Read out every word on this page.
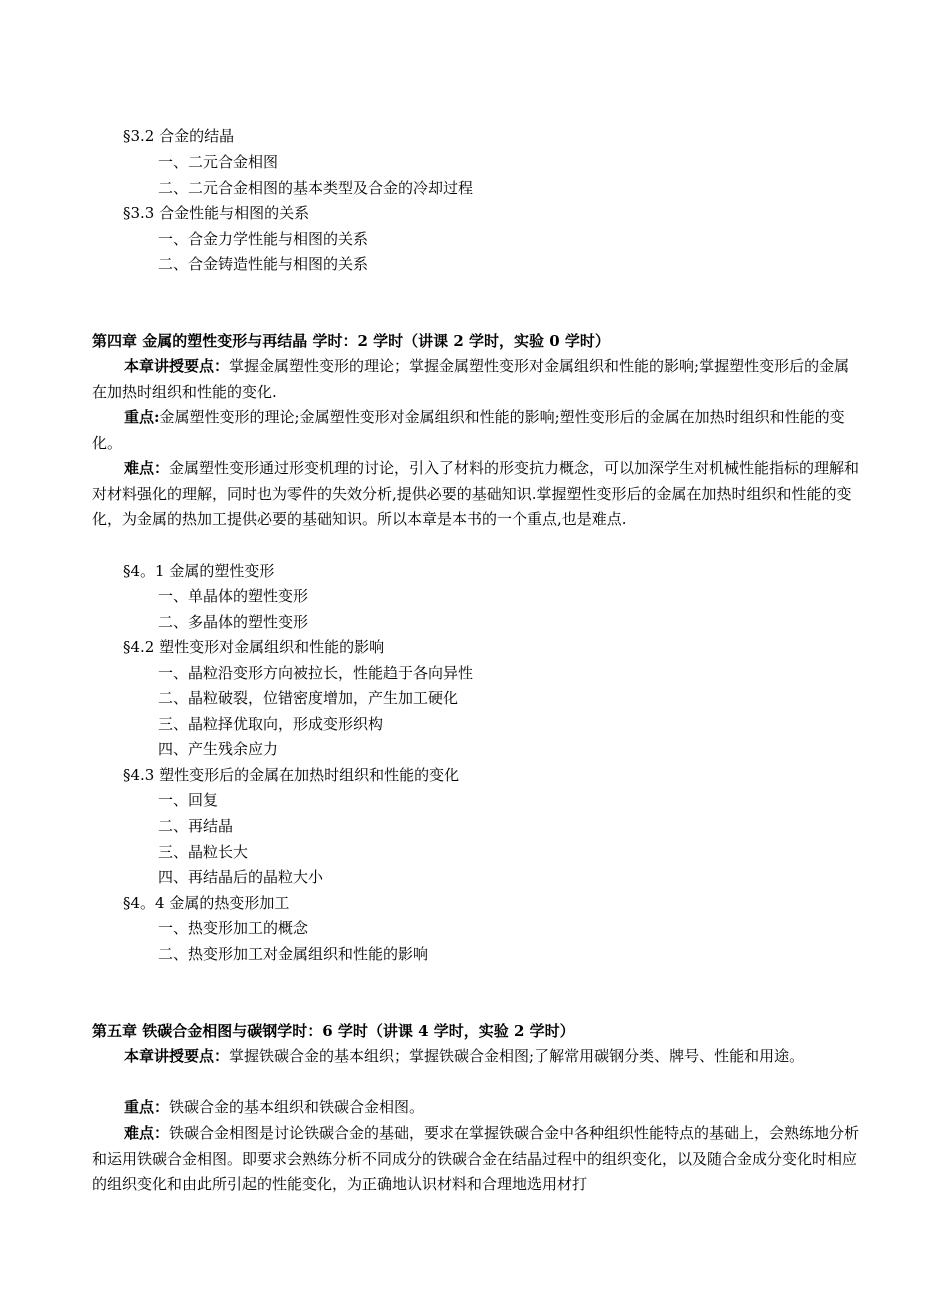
§3.2 合金的结晶
一、二元合金相图
二、二元合金相图的基本类型及合金的冷却过程
§3.3 合金性能与相图的关系
一、合金力学性能与相图的关系
二、合金铸造性能与相图的关系
第四章 金属的塑性变形与再结晶 学时：2 学时（讲课 2 学时，实验 0 学时）
本章讲授要点：掌握金属塑性变形的理论；掌握金属塑性变形对金属组织和性能的影响;掌握塑性变形后的金属在加热时组织和性能的变化.
重点:金属塑性变形的理论;金属塑性变形对金属组织和性能的影响;塑性变形后的金属在加热时组织和性能的变化。
难点：金属塑性变形通过形变机理的讨论，引入了材料的形变抗力概念，可以加深学生对机械性能指标的理解和对材料强化的理解，同时也为零件的失效分析,提供必要的基础知识.掌握塑性变形后的金属在加热时组织和性能的变化，为金属的热加工提供必要的基础知识。所以本章是本书的一个重点,也是难点.
§4。1 金属的塑性变形
一、单晶体的塑性变形
二、多晶体的塑性变形
§4.2 塑性变形对金属组织和性能的影响
一、晶粒沿变形方向被拉长，性能趋于各向异性
二、晶粒破裂，位错密度增加，产生加工硬化
三、晶粒择优取向，形成变形织构
四、产生残余应力
§4.3 塑性变形后的金属在加热时组织和性能的变化
一、回复
二、再结晶
三、晶粒长大
四、再结晶后的晶粒大小
§4。4 金属的热变形加工
一、热变形加工的概念
二、热变形加工对金属组织和性能的影响
第五章 铁碳合金相图与碳钢学时：6 学时（讲课 4 学时，实验 2 学时）
本章讲授要点：掌握铁碳合金的基本组织；掌握铁碳合金相图;了解常用碳钢分类、牌号、性能和用途。
重点：铁碳合金的基本组织和铁碳合金相图。
难点：铁碳合金相图是讨论铁碳合金的基础，要求在掌握铁碳合金中各种组织性能特点的基础上，会熟练地分析和运用铁碳合金相图。即要求会熟练分析不同成分的铁碳合金在结晶过程中的组织变化，以及随合金成分变化时相应的组织变化和由此所引起的性能变化，为正确地认识材料和合理地选用材打
